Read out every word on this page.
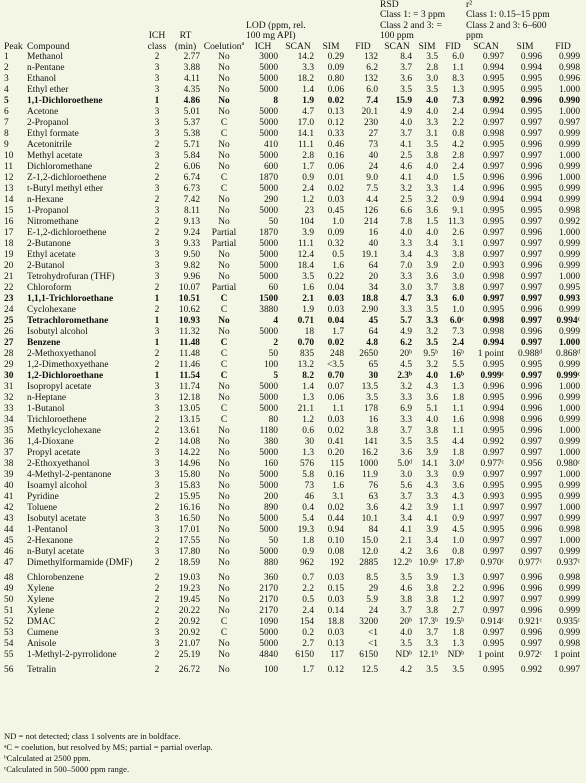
									RSD			r²		
									Class 1: = 3 ppm			Class 1: 0.15–15 ppm		
					LOD (ppm, rel.				Class 2 and 3: =			Class 2 and 3: 6–600		
		ICH	RT		100 mg API)				100 ppm			ppm		
Peak	Compound	class	(min)	Coelution$^a$	ICH	SCAN	SIM	FID	SCAN	SIM	FID	SCAN	SIM	FID
1	Methanol	2	2.77	No	3000	14.2	0.29	132	8.4	3.5	6.0	0.997	0.996	0.999
2	n-Pentane	3	3.88	No	5000	3.3	0.09	6.2	3.7	2.8	1.1	0.994	0.994	0.998
3	Ethanol	3	4.11	No	5000	18.2	0.80	132	3.6	3.0	8.3	0.995	0.995	0.996
4	Ethyl ether	3	4.35	No	5000	1.4	0.06	6.0	3.5	3.5	1.3	0.995	0.995	1.000
5	1,1-Dichloroethene	1	4.86	No	8	1.9	0.02	7.4	15.9	4.0	7.3	0.992	0.996	0.990
6	Acetone	3	5.01	No	5000	4.7	0.13	20.1	4.9	4.0	2.4	0.994	0.995	1.000
7	2-Propanol	3	5.37	C	5000	17.0	0.12	230	4.0	3.3	2.2	0.997	0.997	0.997
8	Ethyl formate	3	5.38	C	5000	14.1	0.33	27	3.7	3.1	0.8	0.998	0.997	0.999
9	Acetonitrile	2	5.71	No	410	11.1	0.46	73	4.1	3.5	4.2	0.995	0.996	0.999
10	Methyl acetate	3	5.84	No	5000	2.8	0.16	40	2.5	3.8	2.8	0.997	0.997	1.000
11	Dichloromethane	2	6.06	No	600	1.7	0.06	24	4.6	4.0	2.4	0.997	0.996	0.999
12	Z-1,2-dichloroethene	2	6.74	C	1870	0.9	0.01	9.0	4.1	4.0	1.5	0.996	0.996	1.000
13	t-Butyl methyl ether	3	6.73	C	5000	2.4	0.02	7.5	3.2	3.3	1.4	0.996	0.995	0.999
14	n-Hexane	2	7.42	No	290	1.2	0.03	4.4	2.5	3.2	0.9	0.994	0.994	0.999
15	1-Propanol	3	8.11	No	5000	23	0.45	126	6.6	3.6	9.1	0.995	0.995	0.998
16	Nitromethane	2	9.13	No	50	104	1.0	214	7.8	1.5	11.3	0.995	0.997	0.992
17	E-1,2-dichloroethene	2	9.24	Partial	1870	3.9	0.09	16	4.0	4.0	2.6	0.997	0.996	1.000
18	2-Butanone	3	9.33	Partial	5000	11.1	0.32	40	3.3	3.4	3.1	0.997	0.997	0.999
19	Ethyl acetate	3	9.50	No	5000	12.4	0.5	19.1	3.4	4.3	3.8	0.997	0.997	0.999
20	2-Butanol	3	9.82	No	5000	18.4	1.6	64	7.0	3.9	2.0	0.993	0.996	0.999
21	Tetrohydrofuran (THF)	3	9.96	No	5000	3.5	0.22	20	3.3	3.6	3.0	0.998	0.997	1.000
22	Chloroform	2	10.07	Partial	60	1.6	0.04	34	3.0	3.7	3.8	0.997	0.997	0.995
23	1,1,1-Trichloroethane	1	10.51	C	1500	2.1	0.03	18.8	4.7	3.3	6.0	0.997	0.997	0.993
24	Cyclohexane	2	10.62	C	3880	1.9	0.03	2.90	3.3	3.5	1.0	0.995	0.996	0.999
25	Tetrachloromethane	1	10.93	No	4	0.71	0.04	45	5.7	3.3	6.0ᶜ	0.998	0.997	0.994ᶜ
26	Isobutyl alcohol	3	11.32	No	5000	18	1.7	64	4.9	3.2	7.3	0.998	0.996	0.999
27	Benzene	1	11.48	C	2	0.70	0.02	4.8	6.2	3.5	2.4	0.994	0.997	1.000
28	2-Methoxyethanol	2	11.48	C	50	835	248	2650	20ᵇ	9.5ᵇ	16ᵇ	1 point	0.988ᵈ	0.868ᵈ
29	1,2-Dimethoxyethane	2	11.46	C	100	13.2	<3.5	65	4.5	3.2	5.5	0.995	0.995	0.999
30	1,2-Dichloroethane	1	11.54	C	5	8.2	0.70	30	2.3ᵇ	4.0	1.6ᵇ	0.999ᶜ	0.997	0.999ᶜ
31	Isopropyl acetate	3	11.74	No	5000	1.4	0.07	13.5	3.2	4.3	1.3	0.996	0.996	1.000
32	n-Heptane	3	12.18	No	5000	1.3	0.06	3.5	3.3	3.6	1.8	0.995	0.996	0.999
33	1-Butanol	3	13.05	C	5000	21.1	1.1	178	6.9	5.1	1.1	0.994	0.996	1.000
34	Trichloroethene	2	13.15	C	80	1.2	0.03	16	3.3	4.0	1.6	0.998	0.996	0.999
35	Methylcyclohexane	2	13.61	No	1180	0.6	0.02	3.8	3.7	3.8	1.1	0.995	0.996	1.000
36	1,4-Dioxane	2	14.08	No	380	30	0.41	141	3.5	3.5	4.4	0.992	0.997	0.999
37	Propyl acetate	3	14.22	No	5000	1.3	0.20	16.2	3.6	3.9	1.8	0.997	0.997	1.000
38	2-Ethoxyethanol	3	14.96	No	160	576	115	1000	5.0ᵈ	14.1	3.0ᵈ	0.977ᶜ	0.956	0.980ᶜ
39	4-Methyl-2-pentanone	3	15.80	No	5000	5.8	0.16	11.9	3.0	3.3	0.9	0.997	0.997	1.000
40	Isoamyl alcohol	3	15.83	No	5000	73	1.6	76	5.6	4.3	3.6	0.995	0.995	0.999
41	Pyridine	2	15.95	No	200	46	3.1	63	3.7	3.3	4.3	0.993	0.995	0.999
42	Toluene	2	16.16	No	890	0.4	0.02	3.6	4.2	3.9	1.1	0.997	0.997	1.000
43	Isobutyl acetate	3	16.50	No	5000	5.4	0.44	10.1	3.4	4.1	0.9	0.997	0.997	0.999
44	1-Pentanol	3	17.01	No	5000	19.3	0.94	84	4.1	3.9	4.5	0.995	0.996	0.998
45	2-Hexanone	2	17.55	No	50	1.8	0.10	15.0	2.1	3.4	1.0	0.997	0.997	1.000
46	n-Butyl acetate	3	17.80	No	5000	0.9	0.08	12.0	4.2	3.6	0.8	0.997	0.997	0.999
47	Dimethylformamide (DMF)	2	18.59	No	880	962	192	2885	12.2ᵇ	10.9ᵇ	17.8ᵇ	0.970ᶜ	0.977ᶜ	0.937ᶜ

48	Chlorobenzene	2	19.03	No	360	0.7	0.03	8.5	3.5	3.9	1.3	0.997	0.996	0.998
49	Xylene	2	19.23	No	2170	2.2	0.15	29	4.6	3.8	2.2	0.996	0.996	0.999
50	Xylene	2	19.45	No	2170	0.5	0.03	5.9	3.8	3.8	1.2	0.997	0.997	0.999
51	Xylene	2	20.22	No	2170	2.4	0.14	24	3.7	3.8	2.7	0.997	0.996	0.999
52	DMAC	2	20.92	C	1090	154	18.8	3200	20ᵇ	17.3ᵇ	19.5ᵇ	0.914ᶜ	0.921ᶜ	0.935ᶜ
53	Cumene	3	20.92	C	5000	0.2	0.03	<1	4.0	3.7	1.8	0.997	0.996	0.999
54	Anisole	3	21.07	No	5000	2.7	0.13	<1	3.5	3.3	1.3	0.995	0.997	0.998
55	1-Methyl-2-pyrrolidone	2	25.19	No	4840	6150	117	6150	NDᵇ	12.1ᵇ	NDᵇ	1 point	0.972ᶜ	1 point

56	Tetralin	2	26.72	No	100	1.7	0.12	12.5	4.2	3.5	3.5	0.995	0.992	0.997
ND = not detected; class 1 solvents are in boldface.
ᵃC = coelution, but resolved by MS; partial = partial overlap.
ᵇCalculated at 2500 ppm.
ᶜCalculated in 500–5000 ppm range.
